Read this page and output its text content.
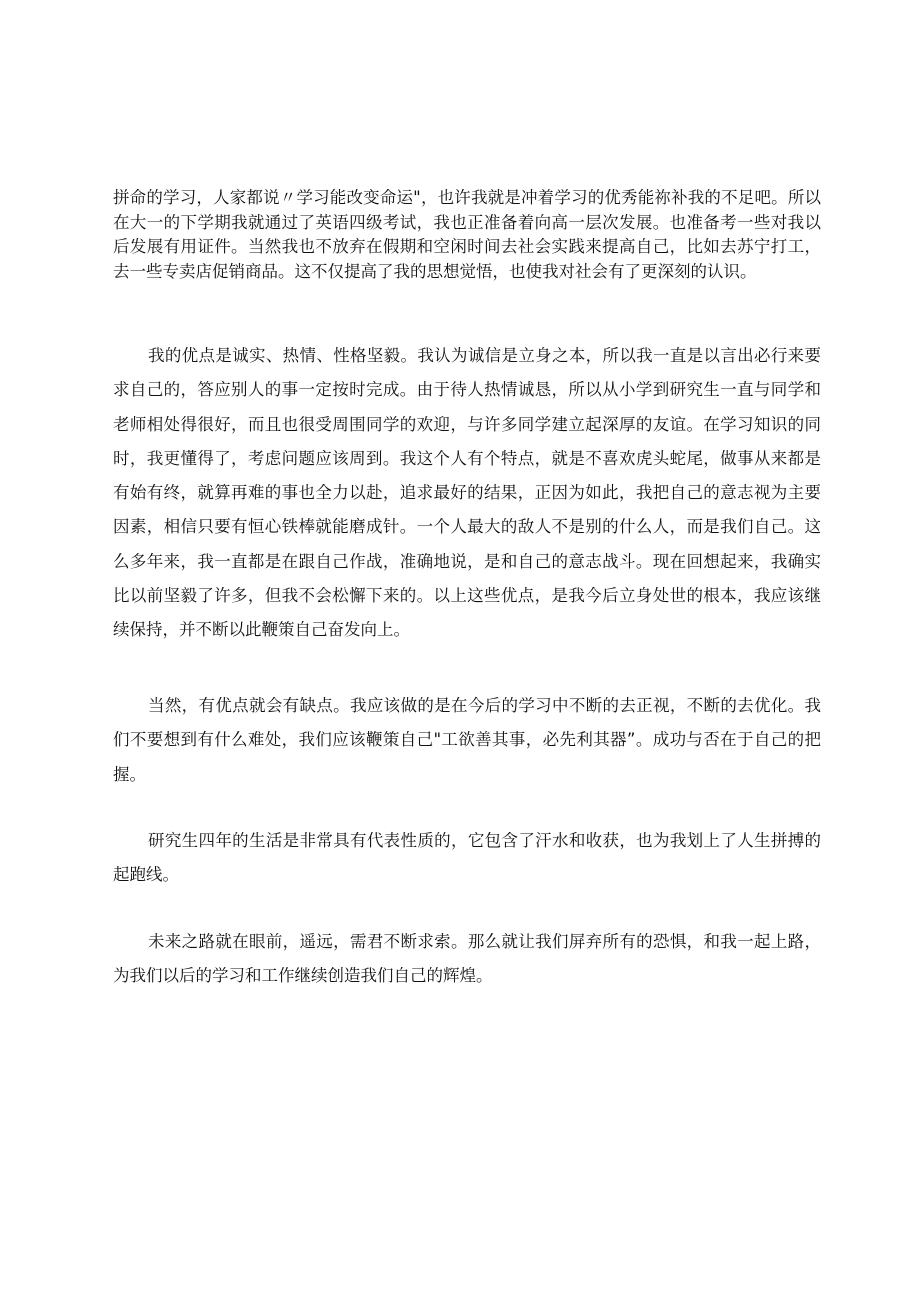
拼命的学习，人家都说〃学习能改变命运"，也许我就是冲着学习的优秀能祢补我的不足吧。所以在大一的下学期我就通过了英语四级考试，我也正准备着向高一层次发展。也准备考一些对我以后发展有用证件。当然我也不放弃在假期和空闲时间去社会实践来提高自己，比如去苏宁打工，去一些专卖店促销商品。这不仅提高了我的思想觉悟，也使我对社会有了更深刻的认识。

我的优点是诚实、热情、性格坚毅。我认为诚信是立身之本，所以我一直是以言出必行来要求自己的，答应别人的事一定按时完成。由于待人热情诚恳，所以从小学到研究生一直与同学和老师相处得很好，而且也很受周围同学的欢迎，与许多同学建立起深厚的友谊。在学习知识的同时，我更懂得了，考虑问题应该周到。我这个人有个特点，就是不喜欢虎头蛇尾，做事从来都是有始有终，就算再难的事也全力以赴，追求最好的结果，正因为如此，我把自己的意志视为主要因素，相信只要有恒心铁棒就能磨成针。一个人最大的敌人不是别的什么人，而是我们自己。这么多年来，我一直都是在跟自己作战，准确地说，是和自己的意志战斗。现在回想起来，我确实比以前坚毅了许多，但我不会松懈下来的。以上这些优点，是我今后立身处世的根本，我应该继续保持，并不断以此鞭策自己奋发向上。

当然，有优点就会有缺点。我应该做的是在今后的学习中不断的去正视，不断的去优化。我们不要想到有什么难处，我们应该鞭策自己"工欲善其事，必先利其器”。成功与否在于自己的把握。

研究生四年的生活是非常具有代表性质的，它包含了汗水和收获，也为我划上了人生拼搏的起跑线。

未来之路就在眼前，遥远，需君不断求索。那么就让我们屏弃所有的恐惧，和我一起上路，为我们以后的学习和工作继续创造我们自己的辉煌。
